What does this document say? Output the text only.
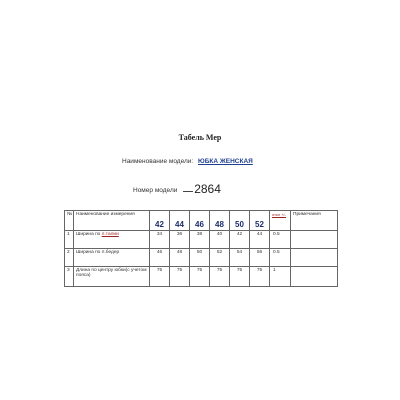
Табель Мер
Наименование модели: ЮБКА ЖЕНСКАЯ
Номер модели 2864
№	Наименование измерения	42	44	46	48	50	52	откл +/-	Примечания
1	Ширина по л.талии	34	36	38	40	42	44	0.5	
2	Ширина по л.бедер	46	48	50	52	54	56	0.5	
3	Длина по центру юбки(с учетом пояса)	75	75	75	75	75	75	1	
